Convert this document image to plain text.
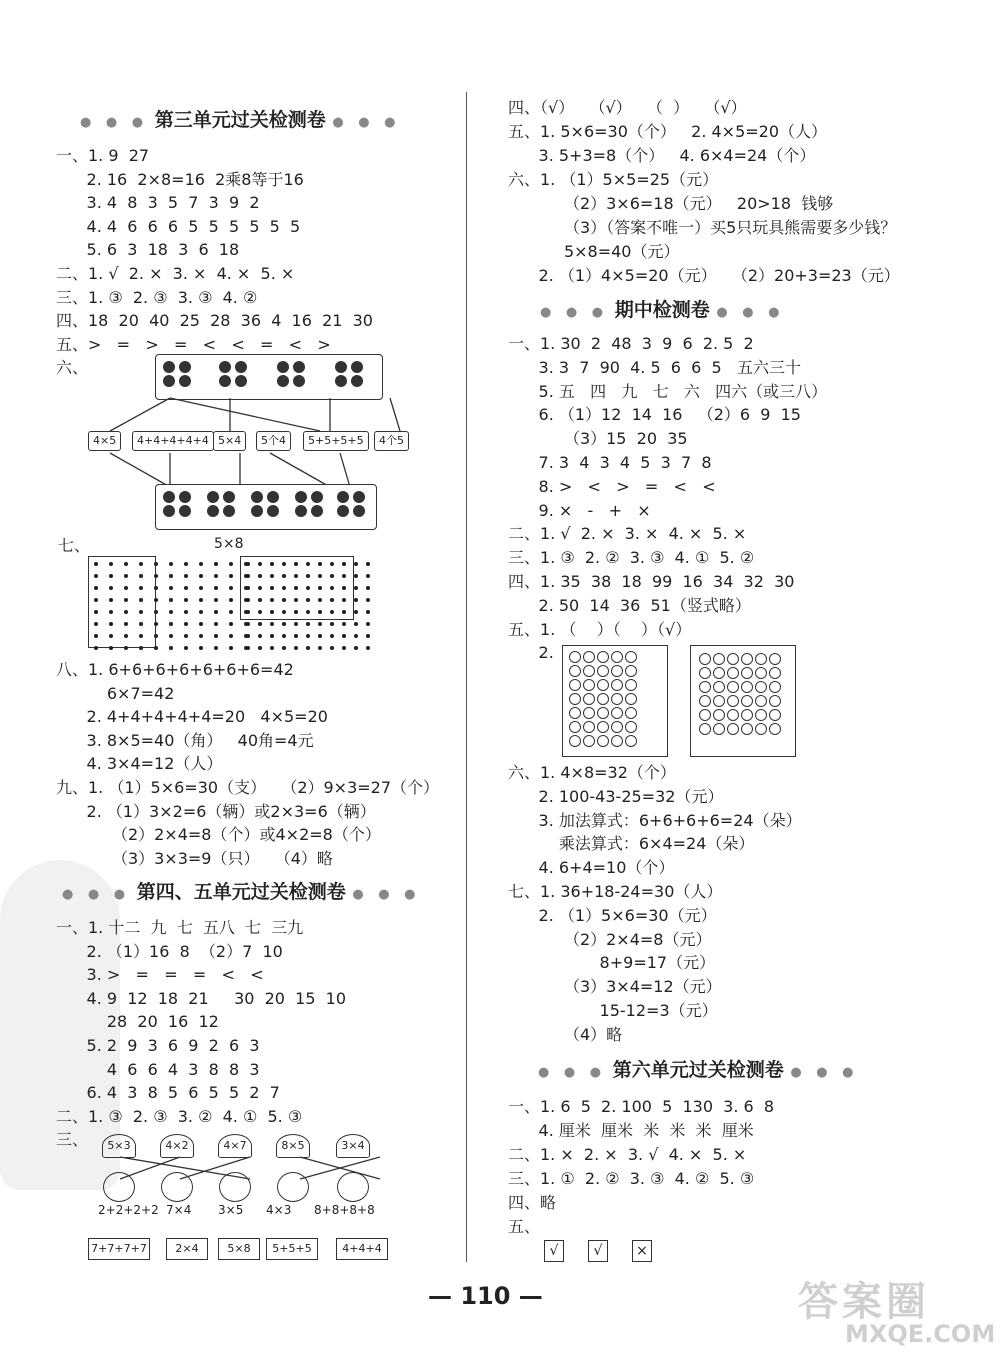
● ● ● 第三单元过关检测卷 ● ● ●
一、1. 9  27
2. 16  2×8=16  2乘8等于16
3. 4  8  3  5  7  3  9  2
4. 4  6  6  6  5  5  5  5  5  5
5. 6  3  18  3  6  18
二、1. √  2. ×  3. ×  4. ×  5. ×
三、1. ③  2. ③  3. ③  4. ②
四、18  20  40  25  28  36  4  16  21  30
五、>   =   >   =   <   <   =   <   >
六、
4×5	4+4+4+4+4 5×4	5个4	5+5+5+5	4个5
七、	5×8
八、1. 6+6+6+6+6+6+6=42
6×7=42
2. 4+4+4+4+4=20   4×5=20
3. 8×5=40（角）   40角=4元
4. 3×4=12（人）
九、1. （1）5×6=30（支）   （2）9×3=27（个）
2. （1）3×2=6（辆）或2×3=6（辆）
（2）2×4=8（个）或4×2=8（个）
（3）3×3=9（只）   （4）略
● ● ● 第四、五单元过关检测卷 ● ● ●
一、1. 十二  九  七  五八  七  三九
2. （1）16  8  （2）7  10
3. >   =   =   =   <   <
4. 9  12  18  21     30  20  15  10
28  20  16  12
5. 2  9  3  6  9  2  6  3
4  6  6  4  3  8  8  3
6. 4  3  8  5  6  5  5  2  7
二、1. ③  2. ③  3. ②  4. ①  5. ③
三、	5×3	4×2	4×7	8×5	3×4
2+2+2+2 7×4 3×5 4×3 8+8+8+8
7+7+7+7	2×4	5×8	5+5+5	4+4+4
四、（√）   （√）   （  ）   （√）
五、1. 5×6=30（个）   2. 4×5=20（人）
3. 5+3=8（个）   4. 6×4=24（个）
六、1. （1）5×5=25（元）
（2）3×6=18（元）   20>18  钱够
（3）（答案不唯一）买5只玩具熊需要多少钱？
5×8=40（元）
2. （1）4×5=20（元）   （2）20+3=23（元）
● ● ● 期中检测卷 ● ● ●
一、1. 30  2  48  3  9  6  2. 5  2
3. 3  7  90  4. 5  6  6  5   五六三十
5. 五   四   九   七   六   四六（或三八）
6. （1）12  14  16   （2）6  9  15
（3）15  20  35
7. 3  4  3  4  5  3  7  8
8. >   <   >   =   <   <
9. ×   -   +   ×
二、1. √  2. ×  3. ×  4. ×  5. ×
三、1. ③  2. ②  3. ③  4. ①  5. ②
四、1. 35  38  18  99  16  34  32  30
2. 50  14  36  51（竖式略）
五、1. （    ）（    ）（√）
2.
六、1. 4×8=32（个）
2. 100-43-25=32（元）
3. 加法算式：6+6+6+6=24（朵）
乘法算式：6×4=24（朵）
4. 6+4=10（个）
七、1. 36+18-24=30（人）
2. （1）5×6=30（元）
（2）2×4=8（元）
8+9=17（元）
（3）3×4=12（元）
15-12=3（元）
（4）略
● ● ● 第六单元过关检测卷 ● ● ●
一、1. 6  5  2. 100  5  130  3. 6  8
4. 厘米  厘米  米  米  米  厘米
二、1. ×  2. ×  3. √  4. ×  5. ×
三、1. ①  2. ②  3. ③  4. ②  5. ③
四、略
五、
√	√	×
— 110 —	答案圈
MXQE.COM
